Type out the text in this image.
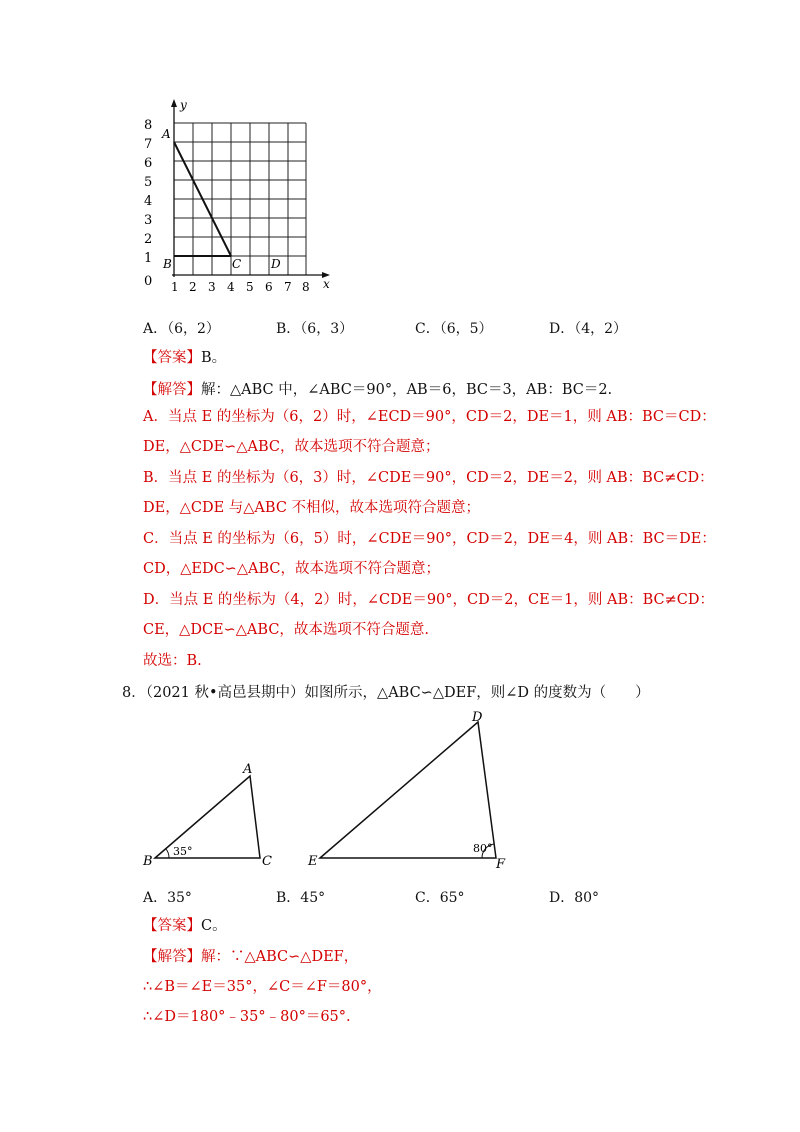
y
x
8
7
6
5
4
3
2
1
0 1 2 3 4 5 6 7 8
A
B	C D
A．（6，2）	B．（6，3）	C．（6，5）	D．（4，2）
【答案】B。
【解答】解：△ABC 中，∠ABC＝90°，AB＝6，BC＝3，AB：BC＝2.
A．当点 E 的坐标为（6，2）时，∠ECD＝90°，CD＝2，DE＝1，则 AB：BC＝CD：
DE，△CDE∽△ABC，故本选项不符合题意；
B．当点 E 的坐标为（6，3）时，∠CDE＝90°，CD＝2，DE＝2，则 AB：BC≠CD：
DE，△CDE 与△ABC 不相似，故本选项符合题意；
C．当点 E 的坐标为（6，5）时，∠CDE＝90°，CD＝2，DE＝4，则 AB：BC＝DE：
CD，△EDC∽△ABC，故本选项不符合题意；
D．当点 E 的坐标为（4，2）时，∠CDE＝90°，CD＝2，CE＝1，则 AB：BC≠CD：
CE，△DCE∽△ABC，故本选项不符合题意.
故选：B.
8．（2021 秋•高邑县期中）如图所示，△ABC∽△DEF，则∠D 的度数为（　　）
A
B	C
D
E	F
35°	80°
A．35°	B．45°	C．65°	D．80°
【答案】C。
【解答】解：∵△ABC∽△DEF，
∴∠B＝∠E＝35°，∠C＝∠F＝80°，
∴∠D＝180°﹣35°﹣80°＝65°.
